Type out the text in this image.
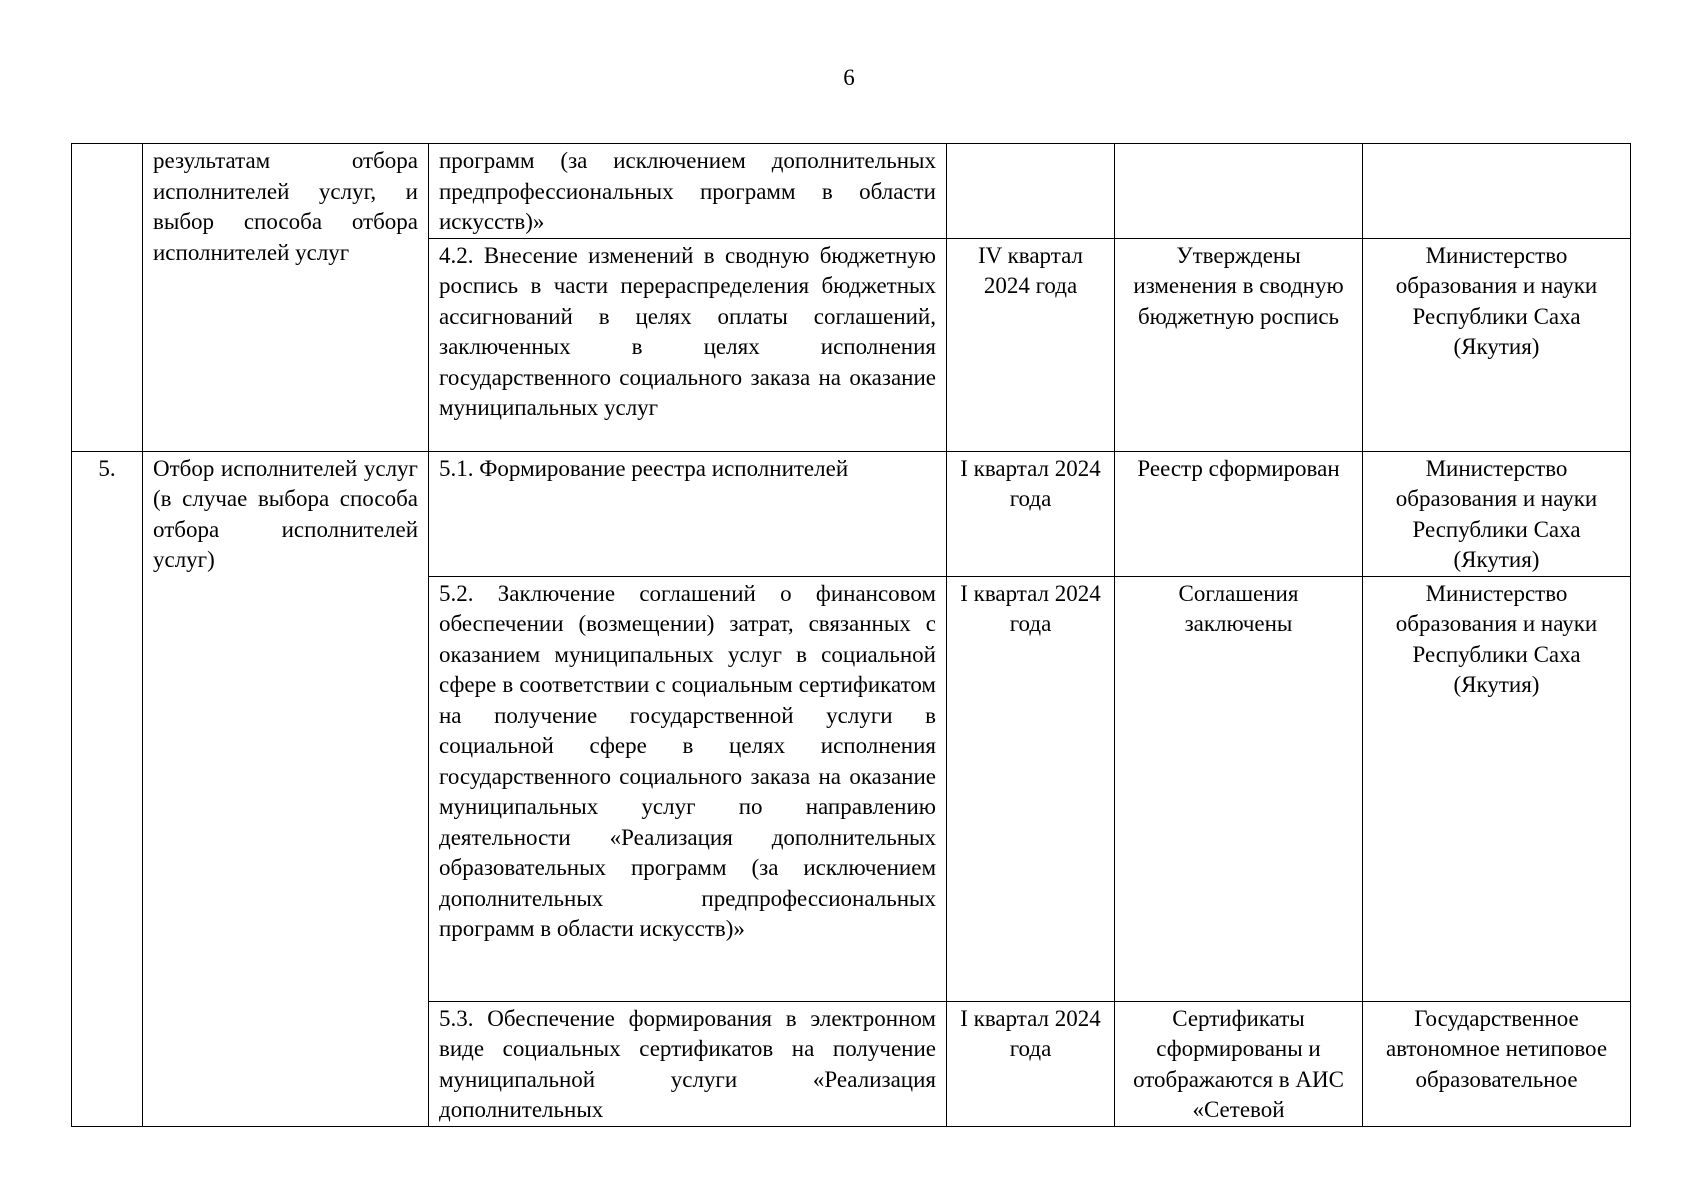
6
	результатам отбора исполнителей услуг, и выбор способа отбора исполнителей услуг	программ (за исключением дополнительных предпрофессиональных программ в области искусств)»			
		4.2. Внесение изменений в сводную бюджетную роспись в части перераспределения бюджетных ассигнований в целях оплаты соглашений, заключенных в целях исполнения государственного социального заказа на оказание муниципальных услуг	IV квартал 2024 года	Утверждены изменения в сводную бюджетную роспись	Министерство образования и науки Республики Саха (Якутия)
5.	Отбор исполнителей услуг (в случае выбора способа отбора исполнителей услуг)	5.1. Формирование реестра исполнителей	I квартал 2024 года	Реестр сформирован	Министерство образования и науки Республики Саха (Якутия)
		5.2. Заключение соглашений о финансовом обеспечении (возмещении) затрат, связанных с оказанием муниципальных услуг в социальной сфере в соответствии с социальным сертификатом на получение государственной услуги в социальной сфере в целях исполнения государственного социального заказа на оказание муниципальных услуг по направлению деятельности «Реализация дополнительных образовательных программ (за исключением дополнительных предпрофессиональных программ в области искусств)»	I квартал 2024 года	Соглашения заключены	Министерство образования и науки Республики Саха (Якутия)
		5.3. Обеспечение формирования в электронном виде социальных сертификатов на получение муниципальной услуги «Реализация дополнительных	I квартал 2024 года	Сертификаты сформированы и отображаются в АИС «Сетевой	Государственное автономное нетиповое образовательное
